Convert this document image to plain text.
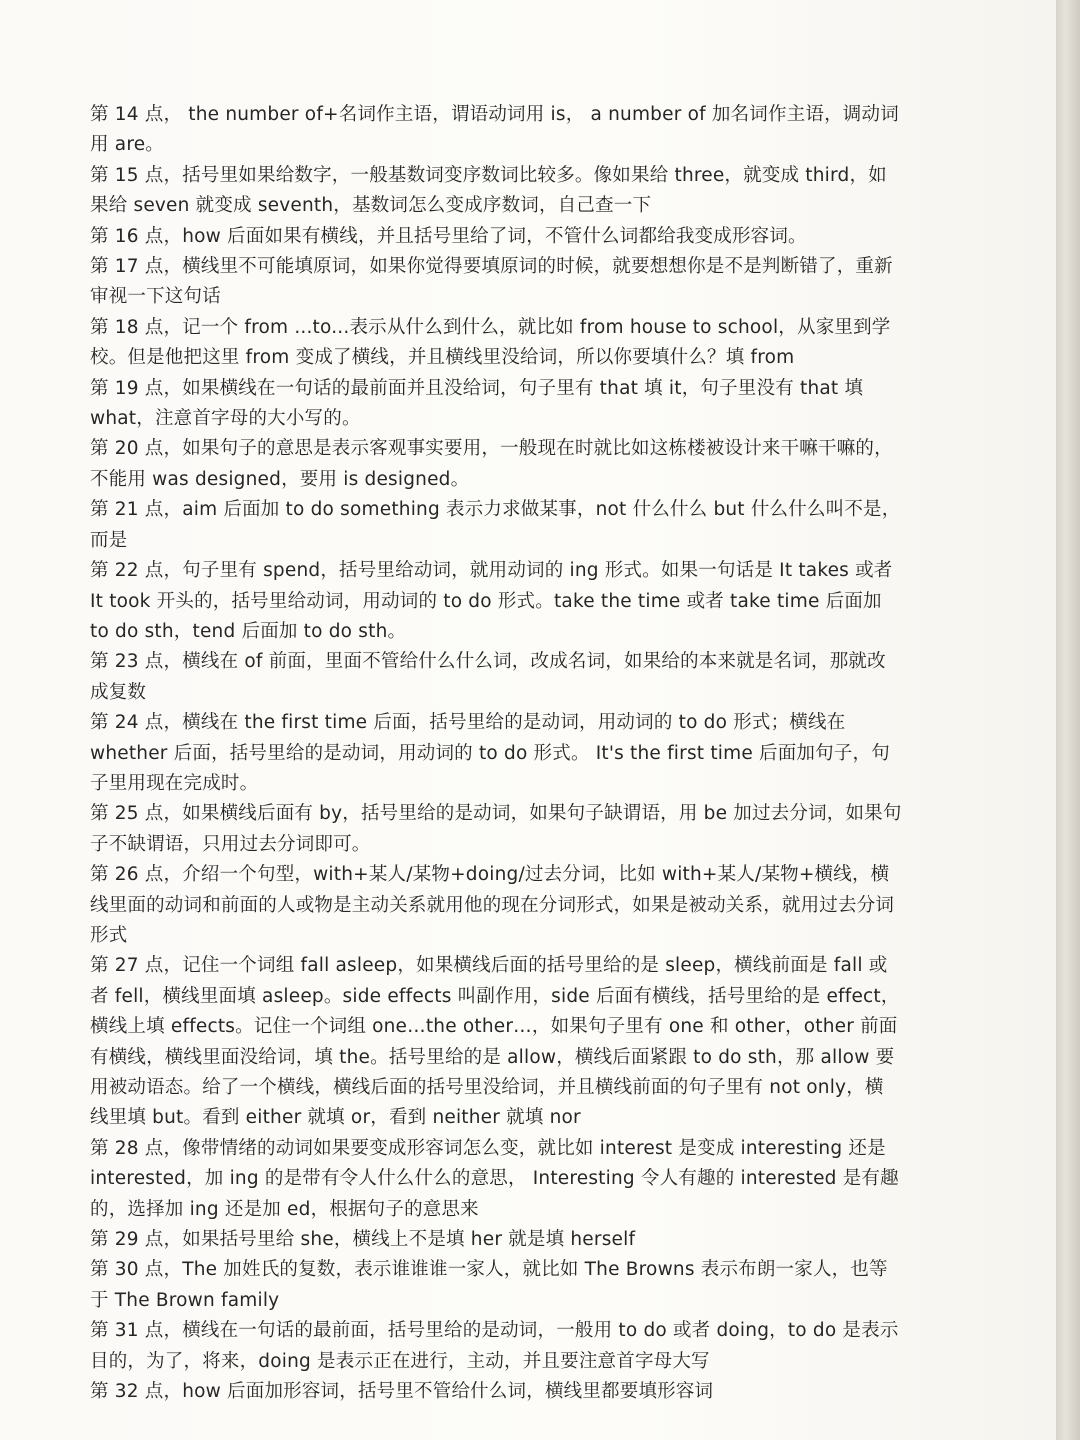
第 14 点， the number of+名词作主语，谓语动词用 is， a number of 加名词作主语，调动词用 are。

第 15 点，括号里如果给数字，一般基数词变序数词比较多。像如果给 three，就变成 third，如果给 seven 就变成 seventh，基数词怎么变成序数词，自己查一下

第 16 点，how 后面如果有横线，并且括号里给了词，不管什么词都给我变成形容词。

第 17 点，横线里不可能填原词，如果你觉得要填原词的时候，就要想想你是不是判断错了，重新审视一下这句话

第 18 点，记一个 from ...to...表示从什么到什么，就比如 from house to school，从家里到学校。但是他把这里 from 变成了横线，并且横线里没给词，所以你要填什么？填 from

第 19 点，如果横线在一句话的最前面并且没给词，句子里有 that 填 it，句子里没有 that 填 what，注意首字母的大小写的。

第 20 点，如果句子的意思是表示客观事实要用，一般现在时就比如这栋楼被设计来干嘛干嘛的，不能用 was designed，要用 is designed。

第 21 点，aim 后面加 to do something 表示力求做某事，not 什么什么 but 什么什么叫不是，而是

第 22 点，句子里有 spend，括号里给动词，就用动词的 ing 形式。如果一句话是 It takes 或者 It took 开头的，括号里给动词，用动词的 to do 形式。take the time 或者 take time 后面加 to do sth，tend 后面加 to do sth。

第 23 点，横线在 of 前面，里面不管给什么什么词，改成名词，如果给的本来就是名词，那就改成复数

第 24 点，横线在 the first time 后面，括号里给的是动词，用动词的 to do 形式；横线在 whether 后面，括号里给的是动词，用动词的 to do 形式。 It's the first time 后面加句子，句子里用现在完成时。

第 25 点，如果横线后面有 by，括号里给的是动词，如果句子缺谓语，用 be 加过去分词，如果句子不缺谓语，只用过去分词即可。

第 26 点，介绍一个句型，with+某人/某物+doing/过去分词，比如 with+某人/某物+横线，横线里面的动词和前面的人或物是主动关系就用他的现在分词形式，如果是被动关系，就用过去分词形式

第 27 点，记住一个词组 fall asleep，如果横线后面的括号里给的是 sleep，横线前面是 fall 或者 fell，横线里面填 asleep。side effects 叫副作用，side 后面有横线，括号里给的是 effect，横线上填 effects。记住一个词组 one…the other…，如果句子里有 one 和 other，other 前面有横线，横线里面没给词，填 the。括号里给的是 allow，横线后面紧跟 to do sth，那 allow 要用被动语态。给了一个横线，横线后面的括号里没给词，并且横线前面的句子里有 not only，横线里填 but。看到 either 就填 or，看到 neither 就填 nor

第 28 点，像带情绪的动词如果要变成形容词怎么变，就比如 interest 是变成 interesting 还是 interested，加 ing 的是带有令人什么什么的意思， Interesting 令人有趣的 interested 是有趣的，选择加 ing 还是加 ed，根据句子的意思来

第 29 点，如果括号里给 she，横线上不是填 her 就是填 herself

第 30 点，The 加姓氏的复数，表示谁谁谁一家人，就比如 The Browns 表示布朗一家人，也等于 The Brown family

第 31 点，横线在一句话的最前面，括号里给的是动词，一般用 to do 或者 doing，to do 是表示目的，为了，将来，doing 是表示正在进行，主动，并且要注意首字母大写

第 32 点，how 后面加形容词，括号里不管给什么词，横线里都要填形容词
